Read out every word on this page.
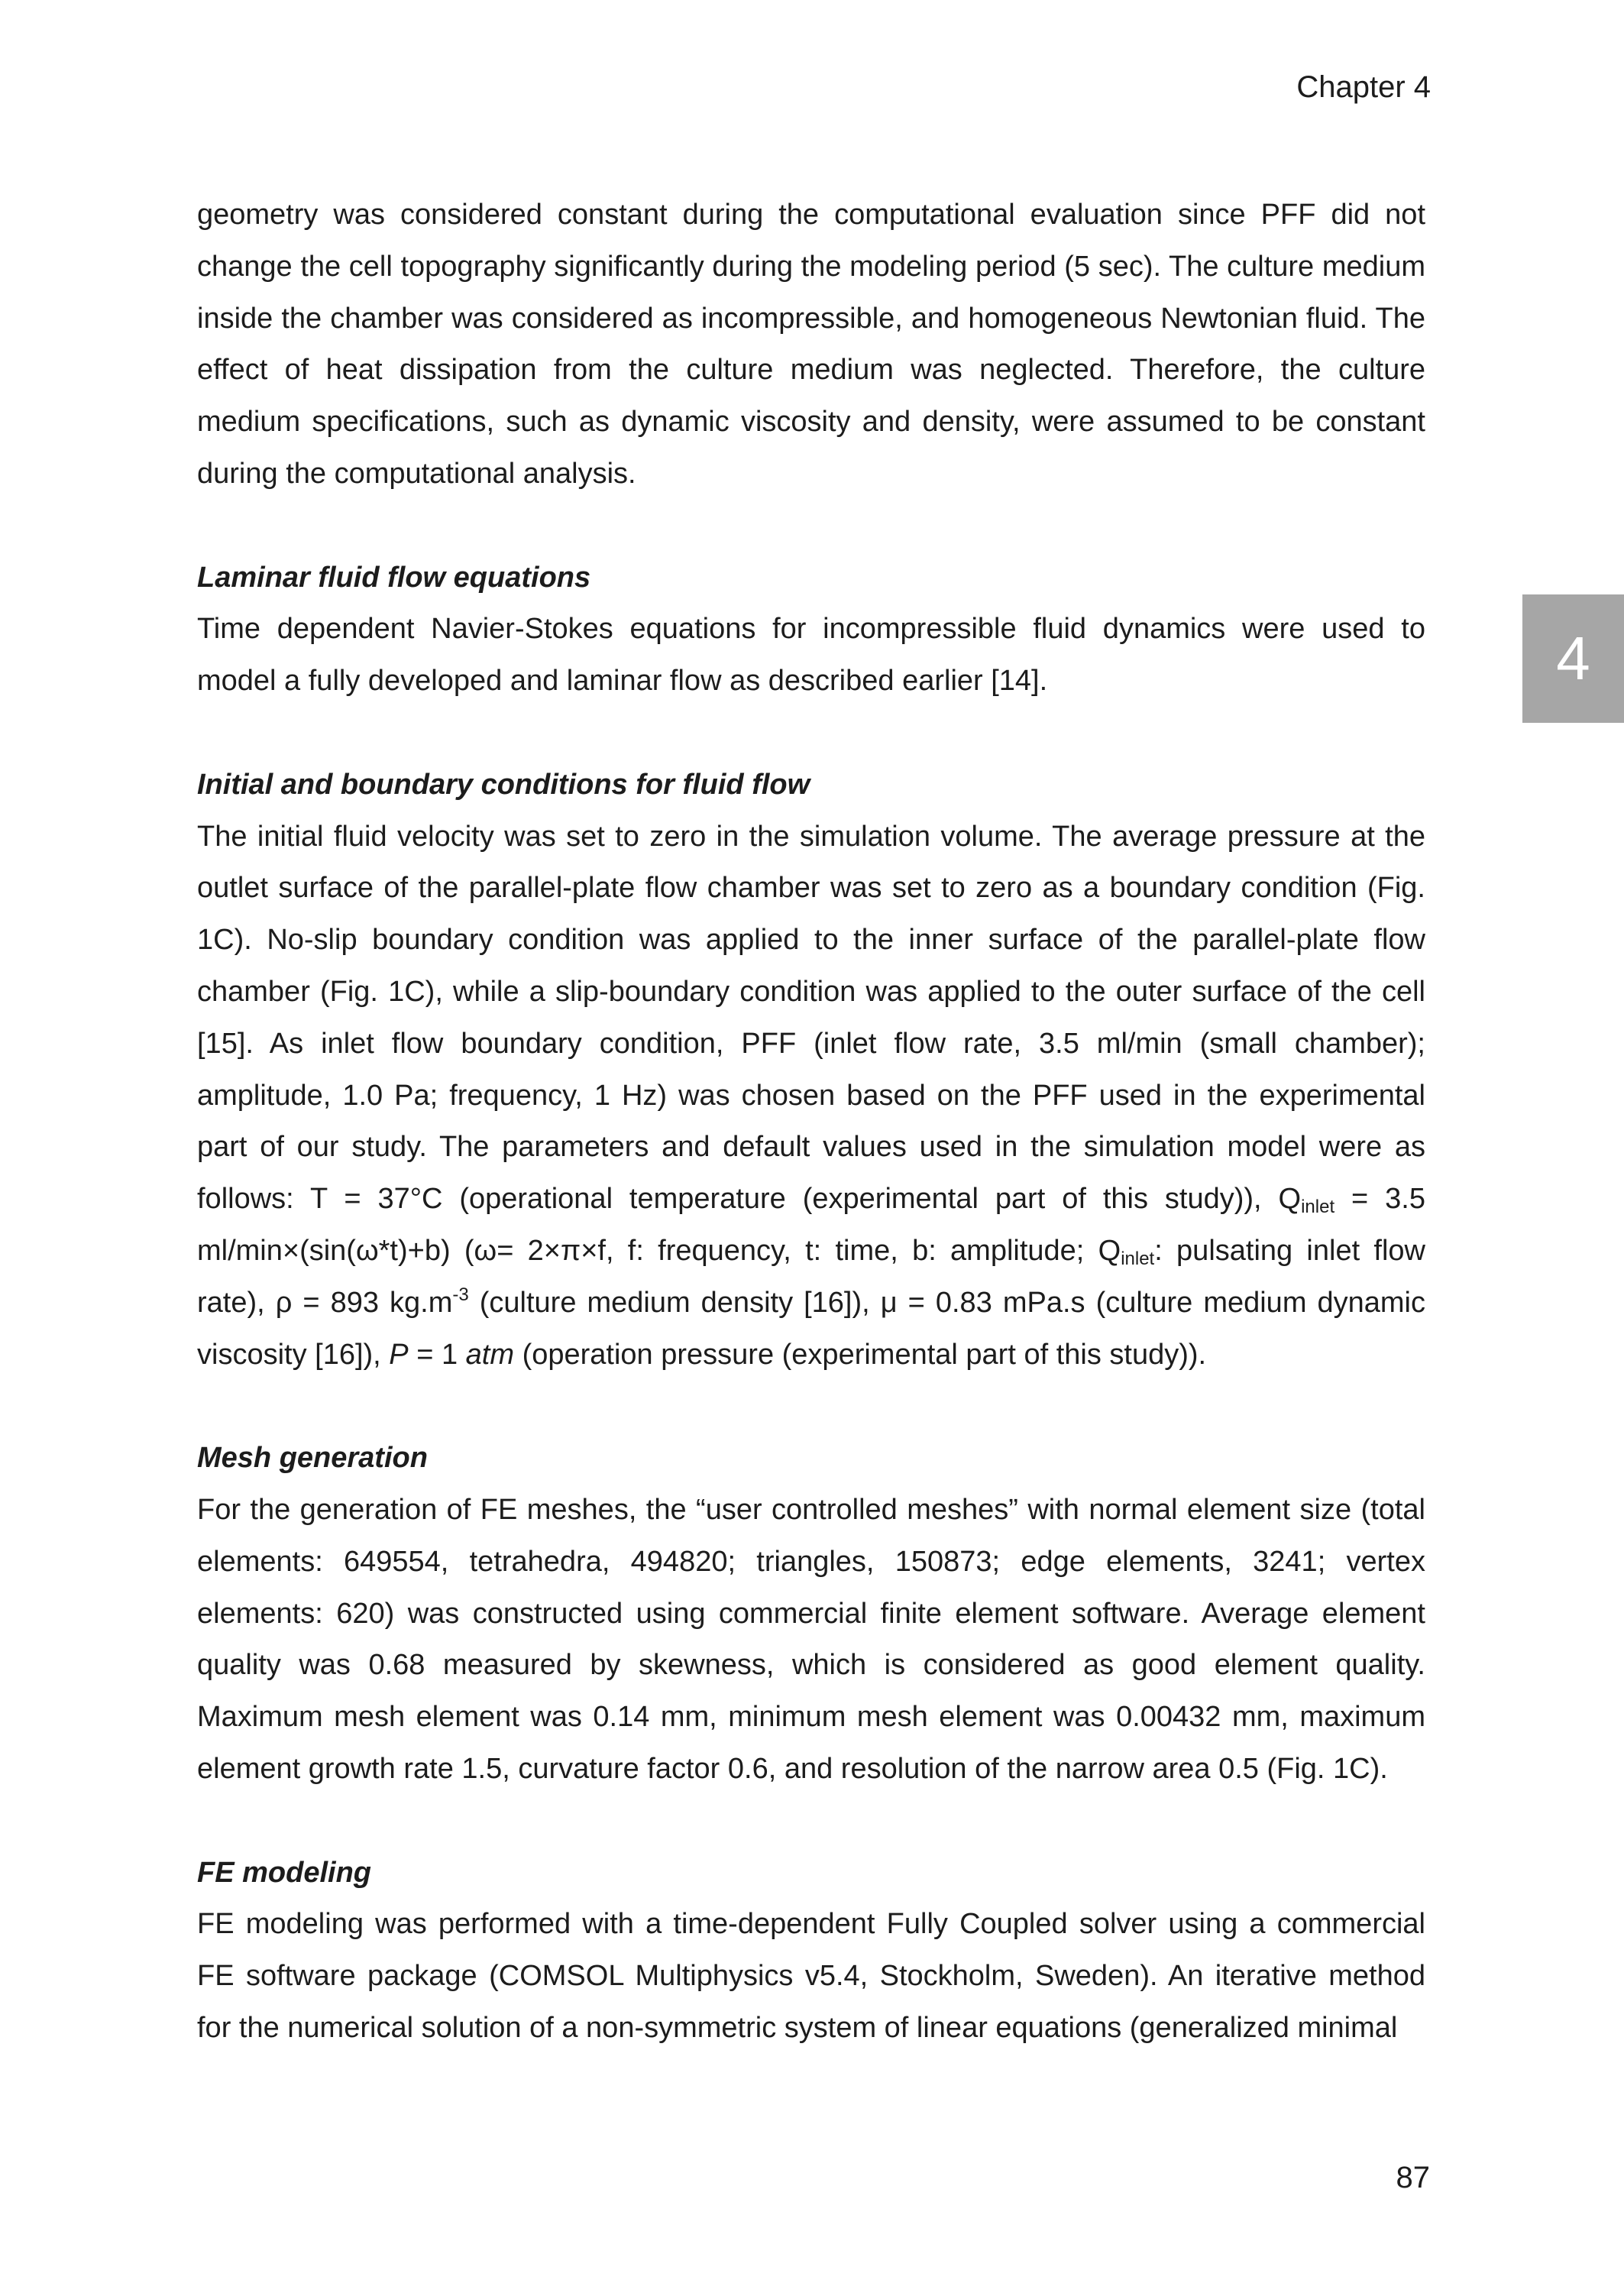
Chapter 4
4

geometry was considered constant during the computational evaluation since PFF did not change the cell topography significantly during the modeling period (5 sec). The culture medium inside the chamber was considered as incompressible, and homogeneous Newtonian fluid. The effect of heat dissipation from the culture medium was neglected. Therefore, the culture medium specifications, such as dynamic viscosity and density, were assumed to be constant during the computational analysis.

Laminar fluid flow equations

Time dependent Navier-Stokes equations for incompressible fluid dynamics were used to model a fully developed and laminar flow as described earlier [14].

Initial and boundary conditions for fluid flow

The initial fluid velocity was set to zero in the simulation volume. The average pressure at the outlet surface of the parallel-plate flow chamber was set to zero as a boundary condition (Fig. 1C). No-slip boundary condition was applied to the inner surface of the parallel-plate flow chamber (Fig. 1C), while a slip-boundary condition was applied to the outer surface of the cell [15]. As inlet flow boundary condition, PFF (inlet flow rate, 3.5 ml/min (small chamber); amplitude, 1.0 Pa; frequency, 1 Hz) was chosen based on the PFF used in the experimental part of our study. The parameters and default values used in the simulation model were as follows: T = 37°C (operational temperature (experimental part of this study)), $Q_{inlet} = 3.5$ ml/min×(sin(ω*t)+b) (ω= 2×π×f, f: frequency, t: time, b: amplitude; $Q_{inlet}$: pulsating inlet flow rate), ρ = 893 $kg.m^{-3}$ (culture medium density [16]), μ = 0.83 mPa.s (culture medium dynamic viscosity [16]), P = 1 atm (operation pressure (experimental part of this study)).

Mesh generation

For the generation of FE meshes, the “user controlled meshes” with normal element size (total elements: 649554, tetrahedra, 494820; triangles, 150873; edge elements, 3241; vertex elements: 620) was constructed using commercial finite element software. Average element quality was 0.68 measured by skewness, which is considered as good element quality. Maximum mesh element was 0.14 mm, minimum mesh element was 0.00432 mm, maximum element growth rate 1.5, curvature factor 0.6, and resolution of the narrow area 0.5 (Fig. 1C).

FE modeling

FE modeling was performed with a time-dependent Fully Coupled solver using a commercial FE software package (COMSOL Multiphysics v5.4, Stockholm, Sweden). An iterative method for the numerical solution of a non-symmetric system of linear equations (generalized minimal

87
